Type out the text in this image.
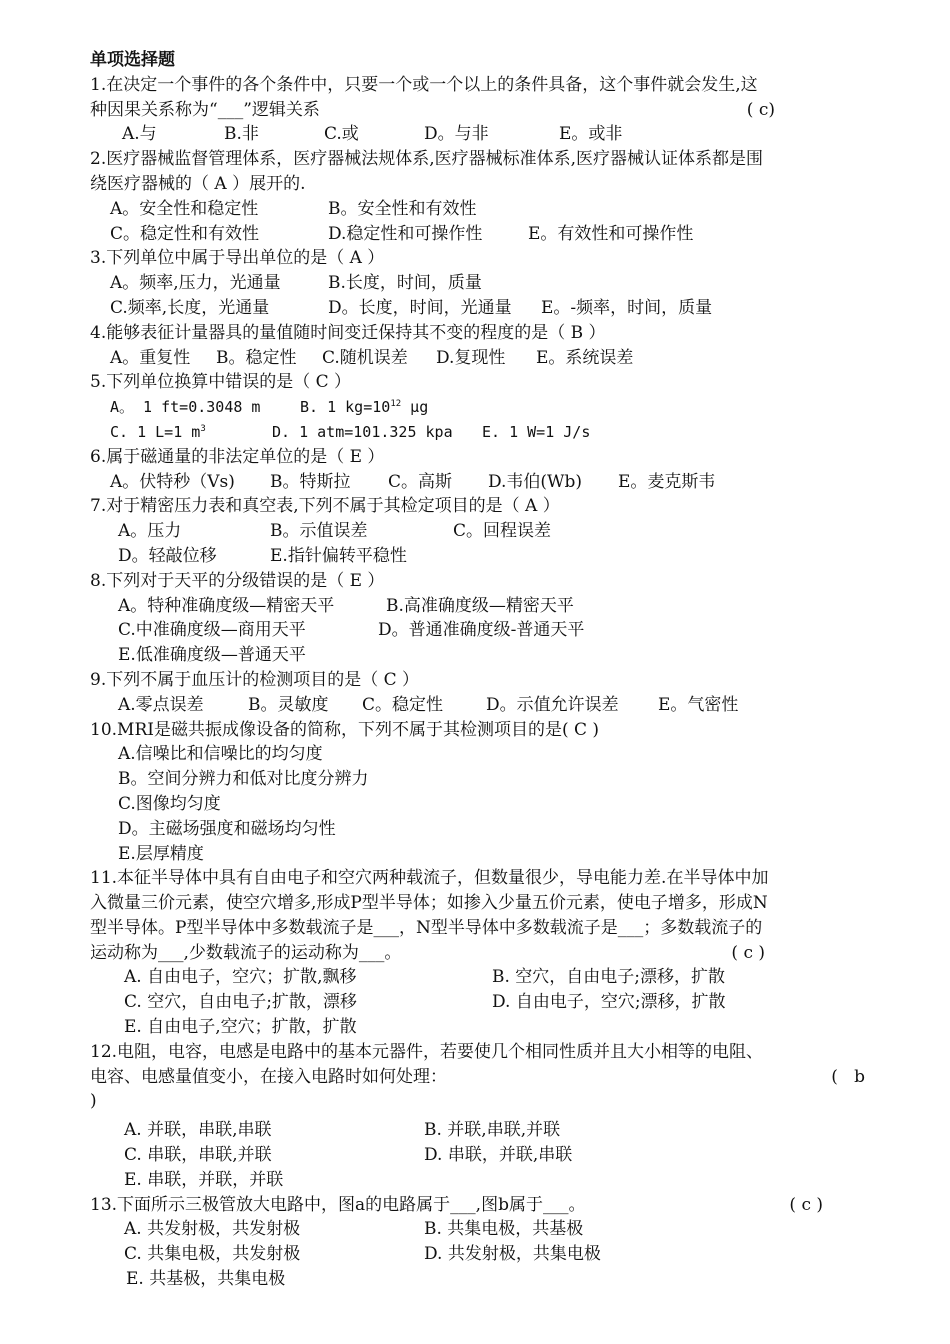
单项选择题
1.在决定一个事件的各个条件中，只要一个或一个以上的条件具备，这个事件就会发生,这
种因果关系称为“___”逻辑关系	( c)
A.与	B.非	C.或	D。与非	E。或非
2.医疗器械监督管理体系，医疗器械法规体系,医疗器械标准体系,医疗器械认证体系都是围
绕医疗器械的（ A ）展开的.
A。安全性和稳定性	B。安全性和有效性
C。稳定性和有效性	D.稳定性和可操作性	E。有效性和可操作性
3.下列单位中属于导出单位的是（ A ）
A。频率,压力，光通量	B.长度，时间，质量
C.频率,长度，光通量	D。长度，时间，光通量	E。-频率，时间，质量
4.能够表征计量器具的量值随时间变迁保持其不变的程度的是（ B ）
A。重复性	B。稳定性	C.随机误差	D.复现性	E。系统误差
5.下列单位换算中错误的是（ C ）
A。 1 ft=0.3048 m	B. 1 $kg=10^{12}$ μg
C. 1 L=1 $m^3$	D. 1 atm=101.325 kpa	E. 1 W=1 J/s
6.属于磁通量的非法定单位的是（ E ）
A。伏特秒（Vs)	B。特斯拉	C。高斯	D.韦伯(Wb)	E。麦克斯韦
7.对于精密压力表和真空表,下列不属于其检定项目的是（ A ）
A。压力	B。示值误差	C。回程误差
D。轻敲位移	E.指针偏转平稳性
8.下列对于天平的分级错误的是（ E ）
A。特种准确度级—精密天平	B.高准确度级—精密天平
C.中准确度级—商用天平	D。普通准确度级-普通天平
E.低准确度级—普通天平
9.下列不属于血压计的检测项目的是（ C ）
A.零点误差	B。灵敏度	C。稳定性	D。示值允许误差	E。气密性
10.MRI是磁共振成像设备的简称，下列不属于其检测项目的是( C )
A.信噪比和信噪比的均匀度
B。空间分辨力和低对比度分辨力
C.图像均匀度
D。主磁场强度和磁场均匀性
E.层厚精度
11.本征半导体中具有自由电子和空穴两种载流子，但数量很少，导电能力差.在半导体中加
入微量三价元素，使空穴增多,形成P型半导体；如掺入少量五价元素，使电子增多，形成N
型半导体。P型半导体中多数载流子是___，N型半导体中多数载流子是___；多数载流子的
运动称为___,少数载流子的运动称为___。	( c )
A. 自由电子，空穴；扩散,飘移	B. 空穴，自由电子;漂移，扩散
C. 空穴，自由电子;扩散，漂移	D. 自由电子，空穴;漂移，扩散
E. 自由电子,空穴；扩散，扩散
12.电阻，电容，电感是电路中的基本元器件，若要使几个相同性质并且大小相等的电阻、
电容、电感量值变小，在接入电路时如何处理：	(   b
)
A. 并联，串联,串联	B. 并联,串联,并联
C. 串联，串联,并联	D. 串联，并联,串联
E. 串联，并联，并联
13.下面所示三极管放大电路中，图a的电路属于___,图b属于___。	( c )
A. 共发射极，共发射极	B. 共集电极，共基极
C. 共集电极，共发射极	D. 共发射极，共集电极
E. 共基极，共集电极
